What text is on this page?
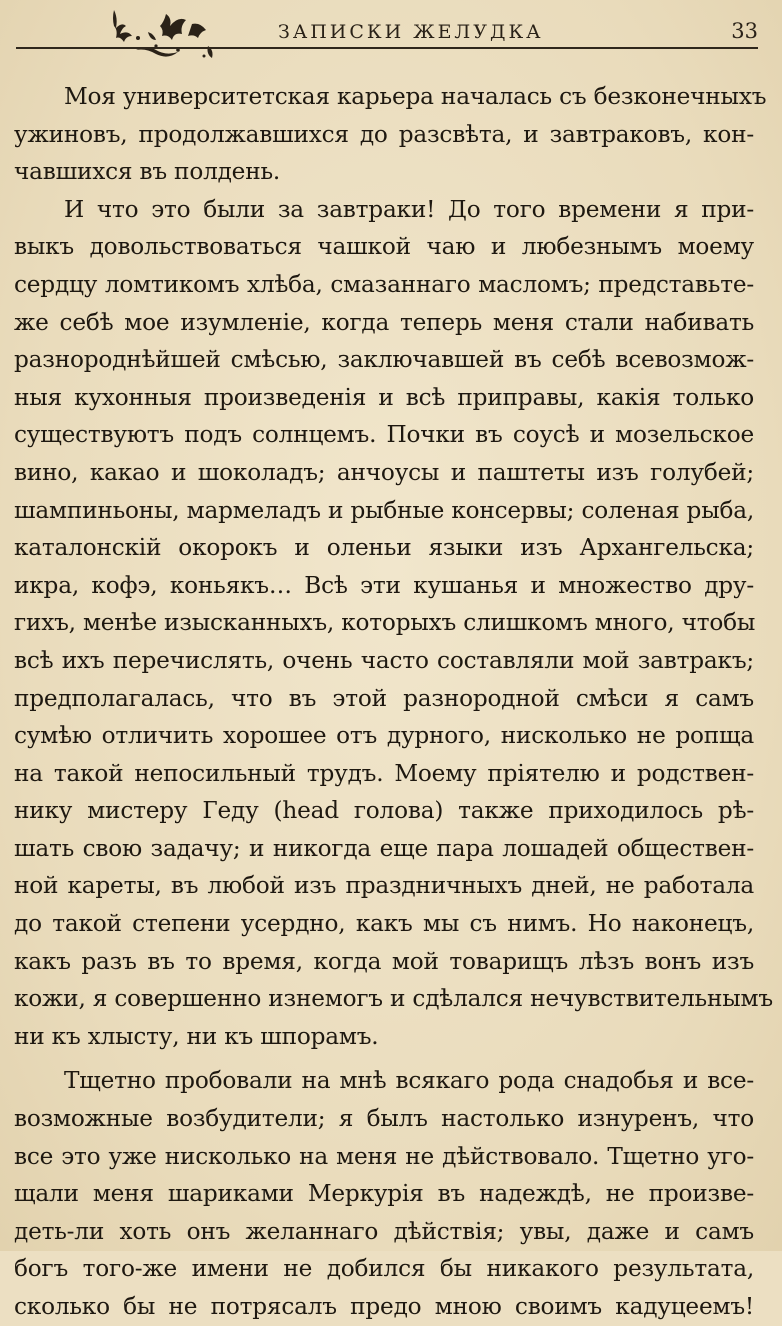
ЗАПИСКИ ЖЕЛУДКА	33

Моя университетская карьера началась съ безконечныхъ
ужиновъ, продолжавшихся до разсвѣта, и завтраковъ, кон-
чавшихся въ полдень.

И что это были за завтраки! До того времени я при-
выкъ довольствоваться чашкой чаю и любезнымъ моему
сердцу ломтикомъ хлѣба, смазаннаго масломъ; представьте-
же себѣ мое изумленіе, когда теперь меня стали набивать
разнороднѣйшей смѣсью, заключавшей въ себѣ всевозмож-
ныя кухонныя произведенія и всѣ приправы, какія только
существуютъ подъ солнцемъ. Почки въ соусѣ и мозельское
вино, какао и шоколадъ; анчоусы и паштеты изъ голубей;
шампиньоны, мармеладъ и рыбные консервы; соленая рыба,
каталонскій окорокъ и оленьи языки изъ Архангельска;
икра, кофэ, коньякъ… Всѣ эти кушанья и множество дру-
гихъ, менѣе изысканныхъ, которыхъ слишкомъ много, чтобы
всѣ ихъ перечислять, очень часто составляли мой завтракъ;
предполагалась, что въ этой разнородной смѣси я самъ
сумѣю отличить хорошее отъ дурного, нисколько не ропща
на такой непосильный трудъ. Моему пріятелю и родствен-
нику мистеру Геду (head голова) также приходилось рѣ-
шать свою задачу; и никогда еще пара лошадей обществен-
ной кареты, въ любой изъ праздничныхъ дней, не работала
до такой степени усердно, какъ мы съ нимъ. Но наконецъ,
какъ разъ въ то время, когда мой товарищъ лѣзъ вонъ изъ
кожи, я совершенно изнемогъ и сдѣлался нечувствительнымъ
ни къ хлысту, ни къ шпорамъ.

Тщетно пробовали на мнѣ всякаго рода снадобья и все-
возможные возбудители; я былъ настолько изнуренъ, что
все это уже нисколько на меня не дѣйствовало. Тщетно уго-
щали меня шариками Меркурія въ надеждѣ, не произве-
деть-ли хоть онъ желаннаго дѣйствія; увы, даже и самъ
богъ того-же имени не добился бы никакого результата,
сколько бы не потрясалъ предо мною своимъ кадуцеемъ!
